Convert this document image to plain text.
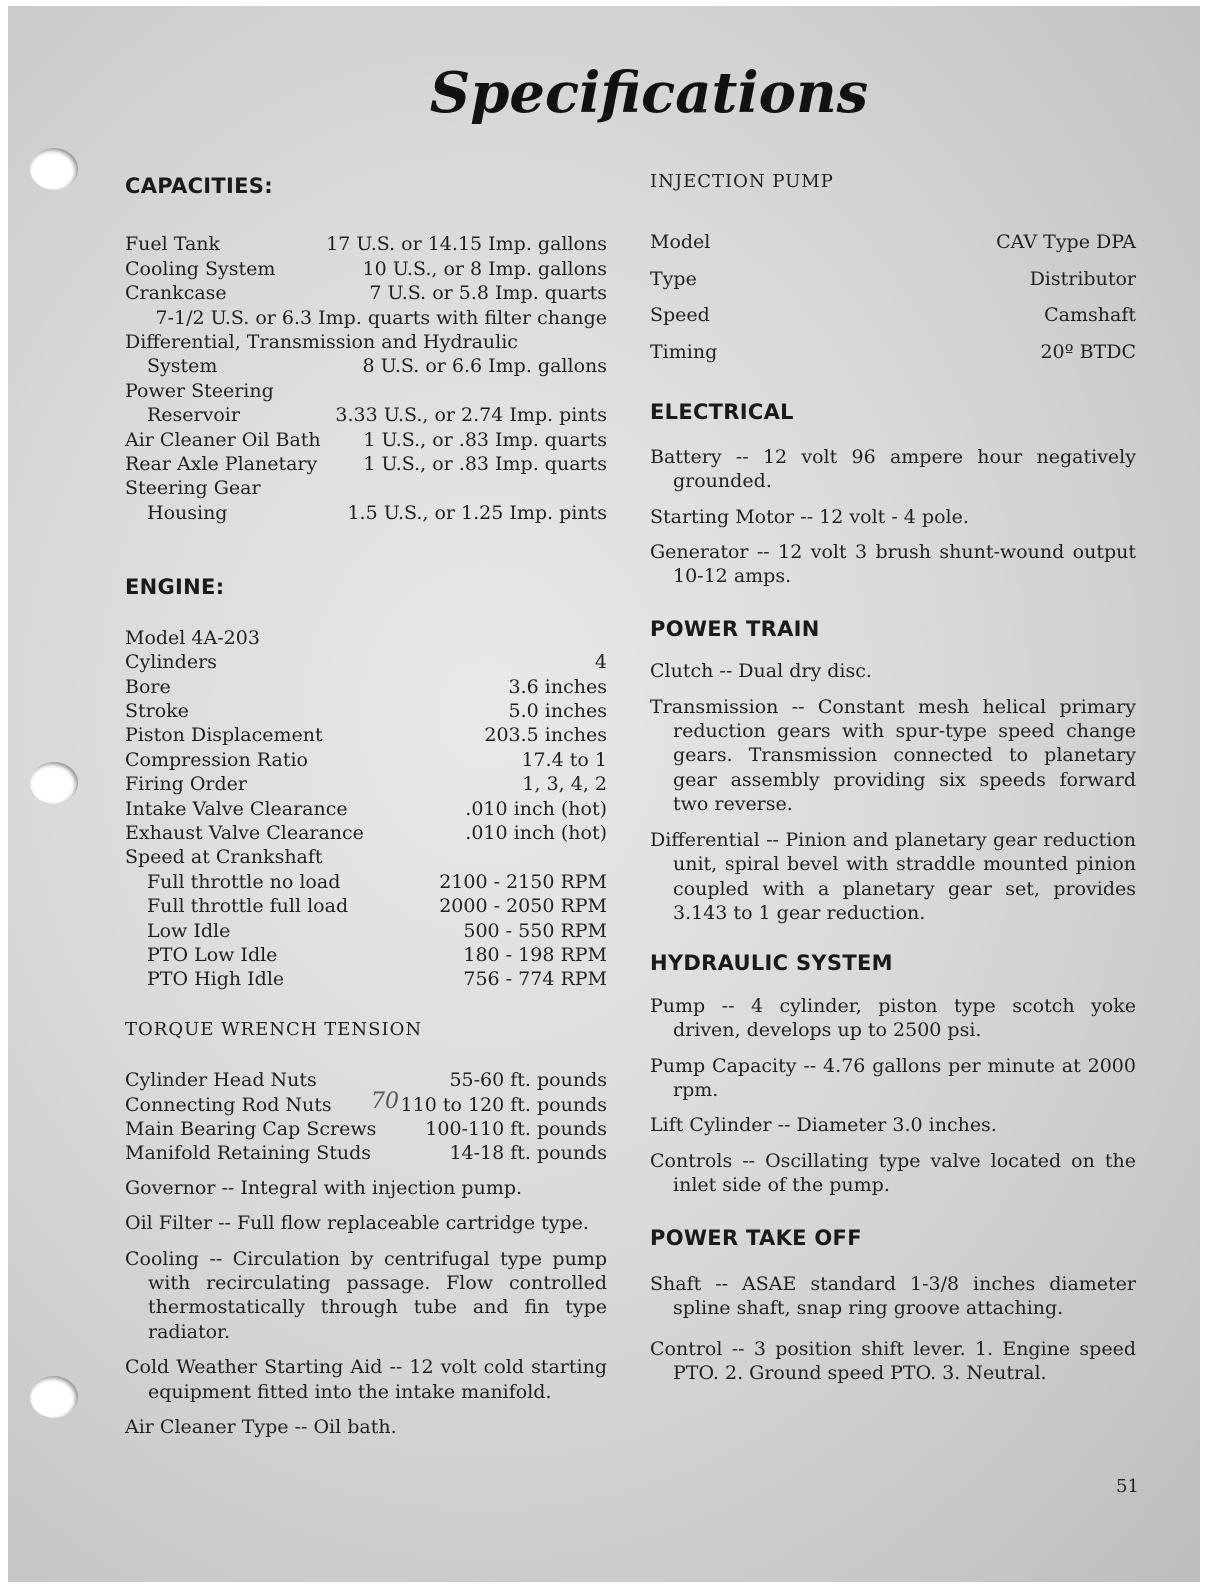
Specifications
CAPACITIES:
Fuel Tank	17 U.S. or 14.15 Imp. gallons
Cooling System	10 U.S., or 8 Imp. gallons
Crankcase	7 U.S. or 5.8 Imp. quarts
7-1/2 U.S. or 6.3 Imp. quarts with filter change
Differential, Transmission and Hydraulic
System	8 U.S. or 6.6 Imp. gallons
Power Steering
Reservoir	3.33 U.S., or 2.74 Imp. pints
Air Cleaner Oil Bath 1 U.S., or .83 Imp. quarts
Rear Axle Planetary 1 U.S., or .83 Imp. quarts
Steering Gear
Housing	1.5 U.S., or 1.25 Imp. pints
ENGINE:
Model 4A-203
Cylinders	4
Bore	3.6 inches
Stroke	5.0 inches
Piston Displacement	203.5 inches
Compression Ratio	17.4 to 1
Firing Order	1, 3, 4, 2
Intake Valve Clearance	.010 inch (hot)
Exhaust Valve Clearance	.010 inch (hot)
Speed at Crankshaft
Full throttle no load	2100 - 2150 RPM
Full throttle full load	2000 - 2050 RPM
Low Idle	500 - 550 RPM
PTO Low Idle	180 - 198 RPM
PTO High Idle	756 - 774 RPM
TORQUE WRENCH TENSION
Cylinder Head Nuts	55-60 ft. pounds
Connecting Rod Nuts	110 to 120 ft. pounds
Main Bearing Cap Screws	100-110 ft. pounds
Manifold Retaining Studs	14-18 ft. pounds
70
Governor -- Integral with injection pump.
Oil Filter -- Full flow replaceable cartridge type.
Cooling -- Circulation by centrifugal type pump with recirculating passage. Flow controlled thermostatically through tube and fin type radiator.
Cold Weather Starting Aid -- 12 volt cold starting equipment fitted into the intake manifold.
Air Cleaner Type -- Oil bath.
INJECTION PUMP
Model	CAV Type DPA
Type	Distributor
Speed	Camshaft
Timing	20º BTDC
ELECTRICAL
Battery -- 12 volt 96 ampere hour negatively grounded.
Starting Motor -- 12 volt - 4 pole.
Generator -- 12 volt 3 brush shunt-wound output 10-12 amps.
POWER TRAIN
Clutch -- Dual dry disc.
Transmission -- Constant mesh helical primary reduction gears with spur-type speed change gears. Transmission connected to planetary gear assembly providing six speeds forward two reverse.
Differential -- Pinion and planetary gear reduction unit, spiral bevel with straddle mounted pinion coupled with a planetary gear set, provides 3.143 to 1 gear reduction.
HYDRAULIC SYSTEM
Pump -- 4 cylinder, piston type scotch yoke driven, develops up to 2500 psi.
Pump Capacity -- 4.76 gallons per minute at 2000 rpm.
Lift Cylinder -- Diameter 3.0 inches.
Controls -- Oscillating type valve located on the inlet side of the pump.
POWER TAKE OFF
Shaft -- ASAE standard 1-3/8 inches diameter spline shaft, snap ring groove attaching.
Control -- 3 position shift lever. 1. Engine speed PTO. 2. Ground speed PTO. 3. Neutral.
51
